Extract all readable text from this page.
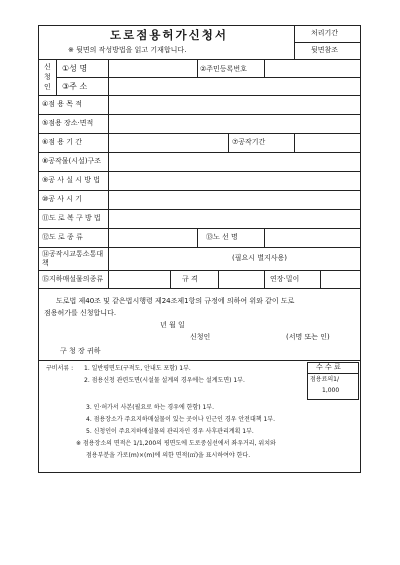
도로점용허가신청서
※ 뒷면의 작성방법을 읽고 기재합니다.
처리기간
뒷면참조
신
청
인
①성 명	②주민등록번호
③주 소
④점 용 목 적
⑤점용 장소·면적
⑥점 용 기 간	⑦공작기간
⑧공작물(시설)구조
⑨공 사 실 시 방 법
⑩공 사 시 기
⑪도 로 복 구 방 법
⑫도 로 종 류	⑬노 선 명
⑭공작시교통소통대 책
(필요시 별지사용)
⑮지하매설물의종류	규 격	연장·밀이
도로법 제40조 및 같은법시행령 제24조제1항의 규정에 의하여 위와 같이 도로
점용허가를 신청합니다.
년 월 일
신청인	(서명 또는 인)
구 청 장 귀하
수 수 료
점용료의1/
1,000
구비서류 : 1. 일반평면도(구적도, 안내도 포함) 1부.
2. 점용신청 관련도면(시설물 설계의 경우에는 설계도면) 1부.
3. 인·허가서 사본(필요로 하는 경우에 한함) 1부.
4. 점용장소가 주요지하매설물이 있는 곳이나 인근인 경우 안전대책 1부.
5. 신청인이 주요지하매설물의 관리자인 경우 사후관리계획 1부.
※ 점용장소의 면적은 1/1,200의 평면도에 도로중심선에서 좌우거리, 위치와
점용부분을 가로(m)×(m)에 의한 면적(㎡)을 표시하여야 한다.
